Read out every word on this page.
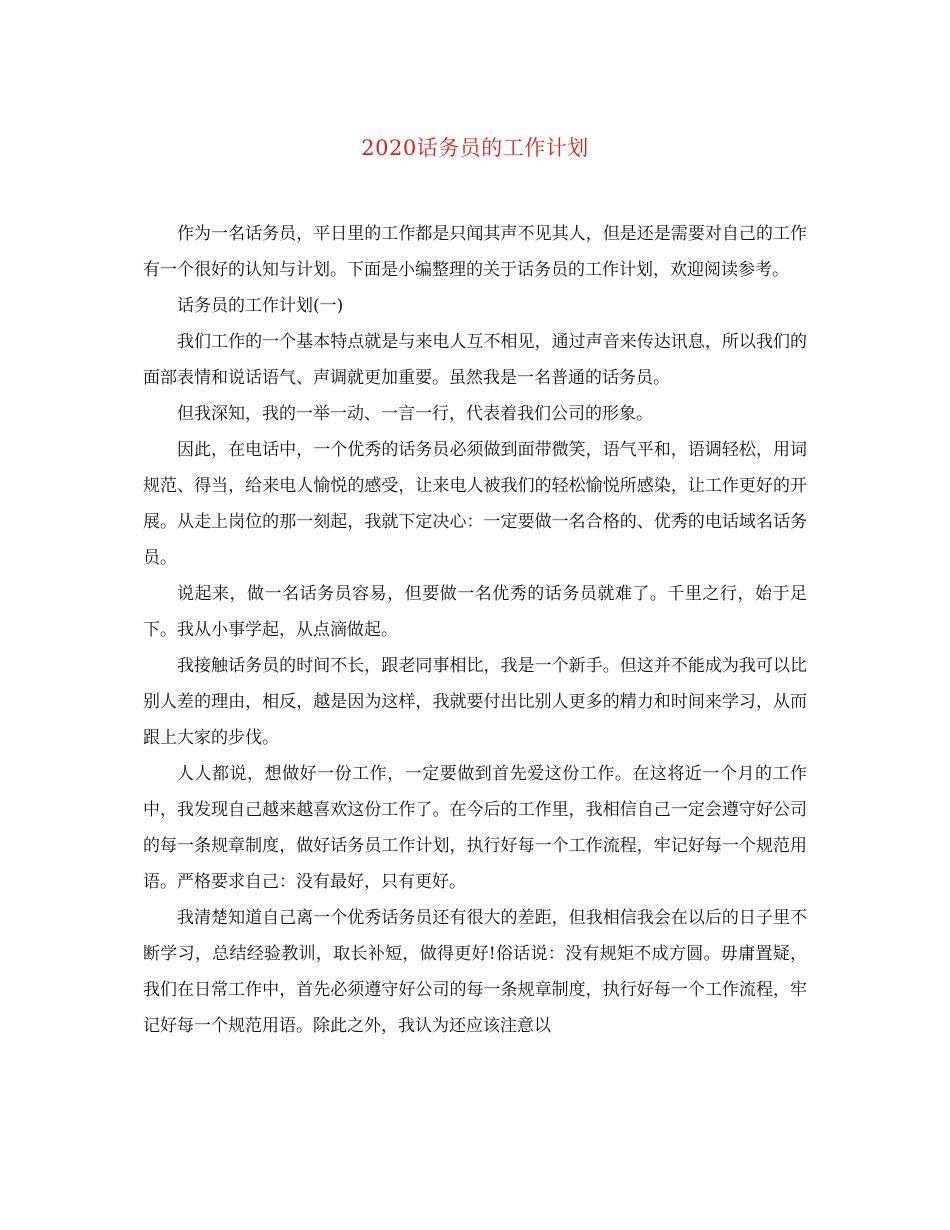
2020话务员的工作计划

作为一名话务员，平日里的工作都是只闻其声不见其人，但是还是需要对自己的工作有一个很好的认知与计划。下面是小编整理的关于话务员的工作计划，欢迎阅读参考。

话务员的工作计划(一)

我们工作的一个基本特点就是与来电人互不相见，通过声音来传达讯息，所以我们的面部表情和说话语气、声调就更加重要。虽然我是一名普通的话务员。

但我深知，我的一举一动、一言一行，代表着我们公司的形象。

因此，在电话中，一个优秀的话务员必须做到面带微笑，语气平和，语调轻松，用词规范、得当，给来电人愉悦的感受，让来电人被我们的轻松愉悦所感染，让工作更好的开展。从走上岗位的那一刻起，我就下定决心：一定要做一名合格的、优秀的电话域名话务员。

说起来，做一名话务员容易，但要做一名优秀的话务员就难了。千里之行，始于足下。我从小事学起，从点滴做起。

我接触话务员的时间不长，跟老同事相比，我是一个新手。但这并不能成为我可以比别人差的理由，相反，越是因为这样，我就要付出比别人更多的精力和时间来学习，从而跟上大家的步伐。

人人都说，想做好一份工作，一定要做到首先爱这份工作。在这将近一个月的工作中，我发现自己越来越喜欢这份工作了。在今后的工作里，我相信自己一定会遵守好公司的每一条规章制度，做好话务员工作计划，执行好每一个工作流程，牢记好每一个规范用语。严格要求自己：没有最好，只有更好。

我清楚知道自己离一个优秀话务员还有很大的差距，但我相信我会在以后的日子里不断学习，总结经验教训，取长补短，做得更好!俗话说：没有规矩不成方圆。毋庸置疑，我们在日常工作中，首先必须遵守好公司的每一条规章制度，执行好每一个工作流程，牢记好每一个规范用语。除此之外，我认为还应该注意以
